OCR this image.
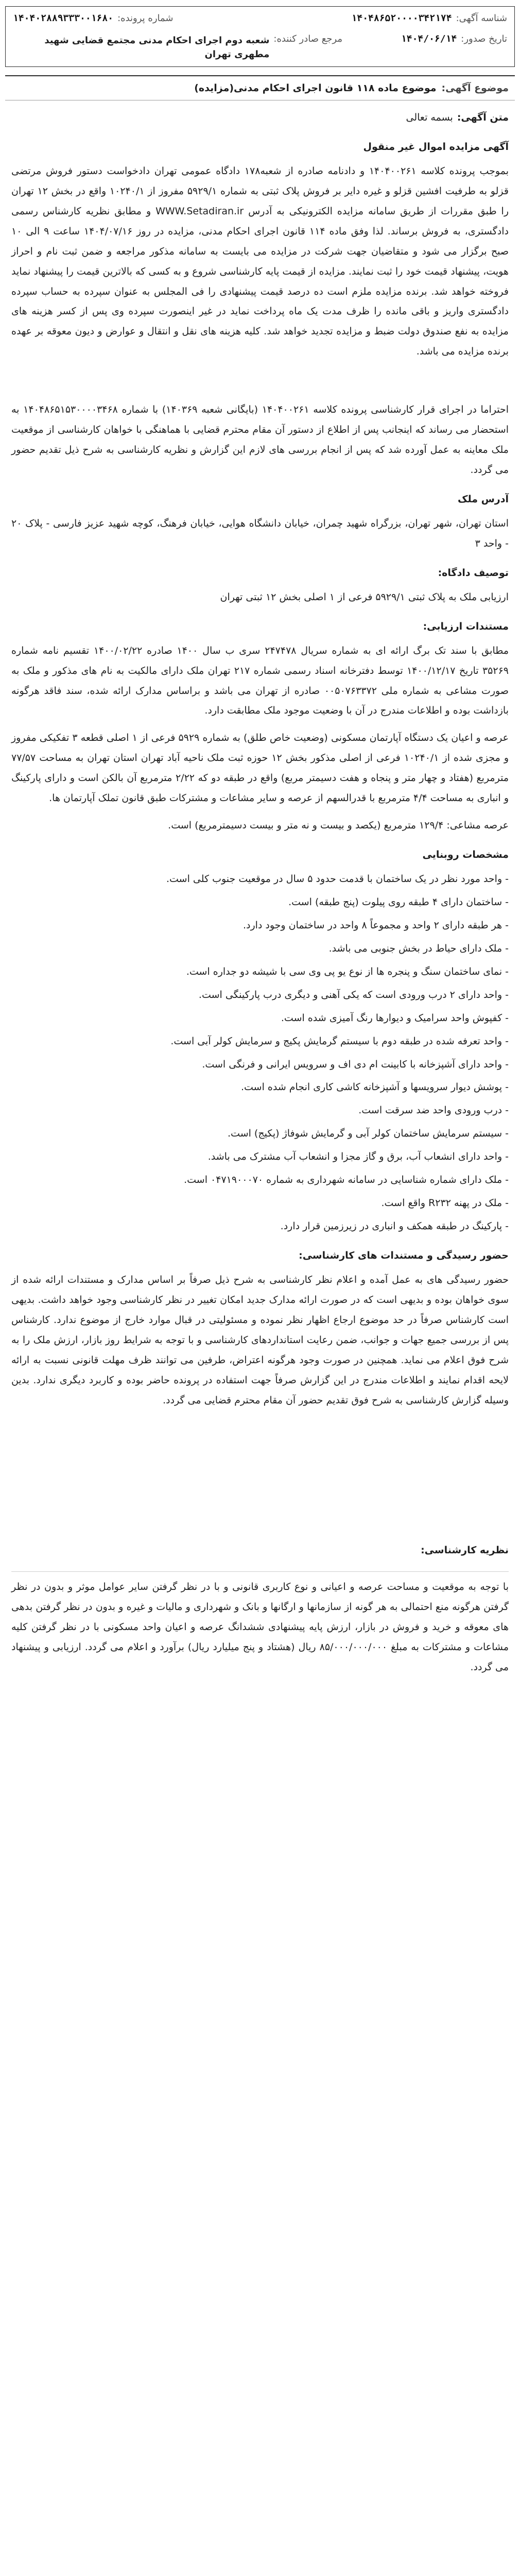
شناسه آگهی:
۱۴۰۴۸۶۵۲۰۰۰۰۳۴۲۱۷۴
شماره پرونده:
۱۴۰۴۰۲۸۸۹۳۳۳۰۰۱۶۸۰
تاریخ صدور:
۱۴۰۴/۰۶/۱۴
مرجع صادر کننده:
شعبه دوم اجرای احکام مدنی مجتمع قضایی شهید مطهری تهران
موضوع آگهی:
موضوع ماده ۱۱۸ قانون اجرای احکام مدنی(مزایده)
متن آگهی:
بسمه تعالی
آگهی مزایده اموال غیر منقول

بموجب پرونده کلاسه ۱۴۰۴۰۰۲۶۱ و دادنامه صادره از شعبه۱۷۸ دادگاه عمومی تهران دادخواست دستور فروش مرتضی قزلو به طرفیت افشین قزلو و غیره دایر بر فروش پلاک ثبتی به شماره ۵۹۲۹/۱ مفروز از ۱۰۲۴۰/۱ واقع در بخش ۱۲ تهران را طبق مقررات از طریق سامانه مزایده الکترونیکی به آدرس WWW.Setadiran.ir و مطابق نظریه کارشناس رسمی دادگستری، به فروش برساند. لذا وفق ماده ۱۱۴ قانون اجرای احکام مدنی، مزایده در روز ۱۴۰۴/۰۷/۱۶ ساعت ۹ الی ۱۰ صبح برگزار می شود و متقاضیان جهت شرکت در مزایده می بایست به سامانه مذکور مراجعه و ضمن ثبت نام و احراز هویت، پیشنهاد قیمت خود را ثبت نمایند. مزایده از قیمت پایه کارشناسی شروع و به کسی که بالاترین قیمت را پیشنهاد نماید فروخته خواهد شد. برنده مزایده ملزم است ده درصد قیمت پیشنهادی را فی المجلس به عنوان سپرده به حساب سپرده دادگستری واریز و باقی مانده را ظرف مدت یک ماه پرداخت نماید در غیر اینصورت سپرده وی پس از کسر هزینه های مزایده به نفع صندوق دولت ضبط و مزایده تجدید خواهد شد. کلیه هزینه های نقل و انتقال و عوارض و دیون معوقه بر عهده برنده مزایده می باشد.

احتراما در اجرای قرار کارشناسی پرونده کلاسه ۱۴۰۴۰۰۲۶۱ (بایگانی شعبه ۱۴۰۳۶۹) با شماره ۱۴۰۴۸۶۵۱۵۳۰۰۰۰۳۴۶۸ به استحضار می رساند که اینجانب پس از اطلاع از دستور آن مقام محترم قضایی با هماهنگی با خواهان کارشناسی از موقعیت ملک معاینه به عمل آورده شد که پس از انجام بررسی های لازم این گزارش و نظریه کارشناسی به شرح ذیل تقدیم حضور می گردد.

آدرس ملک

استان تهران، شهر تهران، بزرگراه شهید چمران، خیابان دانشگاه هوایی، خیابان فرهنگ، کوچه شهید عزیز فارسی - پلاک ۲۰ - واحد ۳

توصیف دادگاه:

ارزیابی ملک به پلاک ثبتی ۵۹۲۹/۱ فرعی از ۱ اصلی بخش ۱۲ ثبتی تهران

مستندات ارزیابی:

مطابق با سند تک برگ ارائه ای به شماره سریال ۲۴۷۴۷۸ سری ب سال ۱۴۰۰ صادره ۱۴۰۰/۰۲/۲۲ تقسیم نامه شماره ۳۵۲۶۹ تاریخ ۱۴۰۰/۱۲/۱۷ توسط دفترخانه اسناد رسمی شماره ۲۱۷ تهران ملک دارای مالکیت به نام های مذکور و ملک به صورت مشاعی به شماره ملی ۰۰۵۰۷۶۳۳۷۲ صادره از تهران می باشد و براساس مدارک ارائه شده، سند فاقد هرگونه بازداشت بوده و اطلاعات مندرج در آن با وضعیت موجود ملک مطابقت دارد.

عرصه و اعیان یک دستگاه آپارتمان مسکونی (وضعیت خاص طلق) به شماره ۵۹۲۹ فرعی از ۱ اصلی قطعه ۳ تفکیکی مفروز و مجزی شده از ۱۰۲۴۰/۱ فرعی از اصلی مذکور بخش ۱۲ حوزه ثبت ملک ناحیه آباد تهران استان تهران به مساحت ۷۷/۵۷ مترمربع (هفتاد و چهار متر و پنجاه و هفت دسیمتر مربع) واقع در طبقه دو که ۲/۲۲ مترمربع آن بالکن است و دارای پارکینگ و انباری به مساحت ۴/۴ مترمربع با قدرالسهم از عرصه و سایر مشاعات و مشترکات طبق قانون تملک آپارتمان ها.

عرصه مشاعی: ۱۲۹/۴ مترمربع (یکصد و بیست و نه متر و بیست دسیمترمربع) است.

مشخصات روبنایی
- واحد مورد نظر در یک ساختمان با قدمت حدود ۵ سال در موقعیت جنوب کلی است.
- ساختمان دارای ۴ طبقه روی پیلوت (پنج طبقه) است.
- هر طبقه دارای ۲ واحد و مجموعاً ۸ واحد در ساختمان وجود دارد.
- ملک دارای حیاط در بخش جنوبی می باشد.
- نمای ساختمان سنگ و پنجره ها از نوع یو پی وی سی با شیشه دو جداره است.
- واحد دارای ۲ درب ورودی است که یکی آهنی و دیگری درب پارکینگی است.
- کفپوش واحد سرامیک و دیوارها رنگ آمیزی شده است.
- واحد تعرفه شده در طبقه دوم با سیستم گرمایش پکیج و سرمایش کولر آبی است.
- واحد دارای آشپزخانه با کابینت ام دی اف و سرویس ایرانی و فرنگی است.
- پوشش دیوار سرویسها و آشپزخانه کاشی کاری انجام شده است.
- درب ورودی واحد ضد سرقت است.
- سیستم سرمایش ساختمان کولر آبی و گرمایش شوفاژ (پکیج) است.
- واحد دارای انشعاب آب، برق و گاز مجزا و انشعاب آب مشترک می باشد.
- ملک دارای شماره شناسایی در سامانه شهرداری به شماره ۰۴۷۱۹۰۰۰۷۰ است.
- ملک در پهنه R۲۳۲ واقع است.
- پارکینگ در طبقه همکف و انباری در زیرزمین قرار دارد.
حضور رسیدگی و مستندات های کارشناسی:

حضور رسیدگی های به عمل آمده و اعلام نظر کارشناسی به شرح ذیل صرفاً بر اساس مدارک و مستندات ارائه شده از سوی خواهان بوده و بدیهی است که در صورت ارائه مدارک جدید امکان تغییر در نظر کارشناسی وجود خواهد داشت. بدیهی است کارشناس صرفاً در حد موضوع ارجاع اظهار نظر نموده و مسئولیتی در قبال موارد خارج از موضوع ندارد. کارشناس پس از بررسی جمیع جهات و جوانب، ضمن رعایت استانداردهای کارشناسی و با توجه به شرایط روز بازار، ارزش ملک را به شرح فوق اعلام می نماید. همچنین در صورت وجود هرگونه اعتراض، طرفین می توانند ظرف مهلت قانونی نسبت به ارائه لایحه اقدام نمایند و اطلاعات مندرج در این گزارش صرفاً جهت استفاده در پرونده حاضر بوده و کاربرد دیگری ندارد. بدین وسیله گزارش کارشناسی به شرح فوق تقدیم حضور آن مقام محترم قضایی می گردد.

نظریه کارشناسی:

با توجه به موقعیت و مساحت عرصه و اعیانی و نوع کاربری قانونی و با در نظر گرفتن سایر عوامل موثر و بدون در نظر گرفتن هرگونه منع احتمالی به هر گونه از سازمانها و ارگانها و بانک و شهرداری و مالیات و غیره و بدون در نظر گرفتن بدهی های معوقه و خرید و فروش در بازار، ارزش پایه پیشنهادی ششدانگ عرصه و اعیان واحد مسکونی با در نظر گرفتن کلیه مشاعات و مشترکات به مبلغ ۸۵/۰۰۰/۰۰۰/۰۰۰ ریال (هشتاد و پنج میلیارد ریال) برآورد و اعلام می گردد. ارزیابی و پیشنهاد می گردد.
